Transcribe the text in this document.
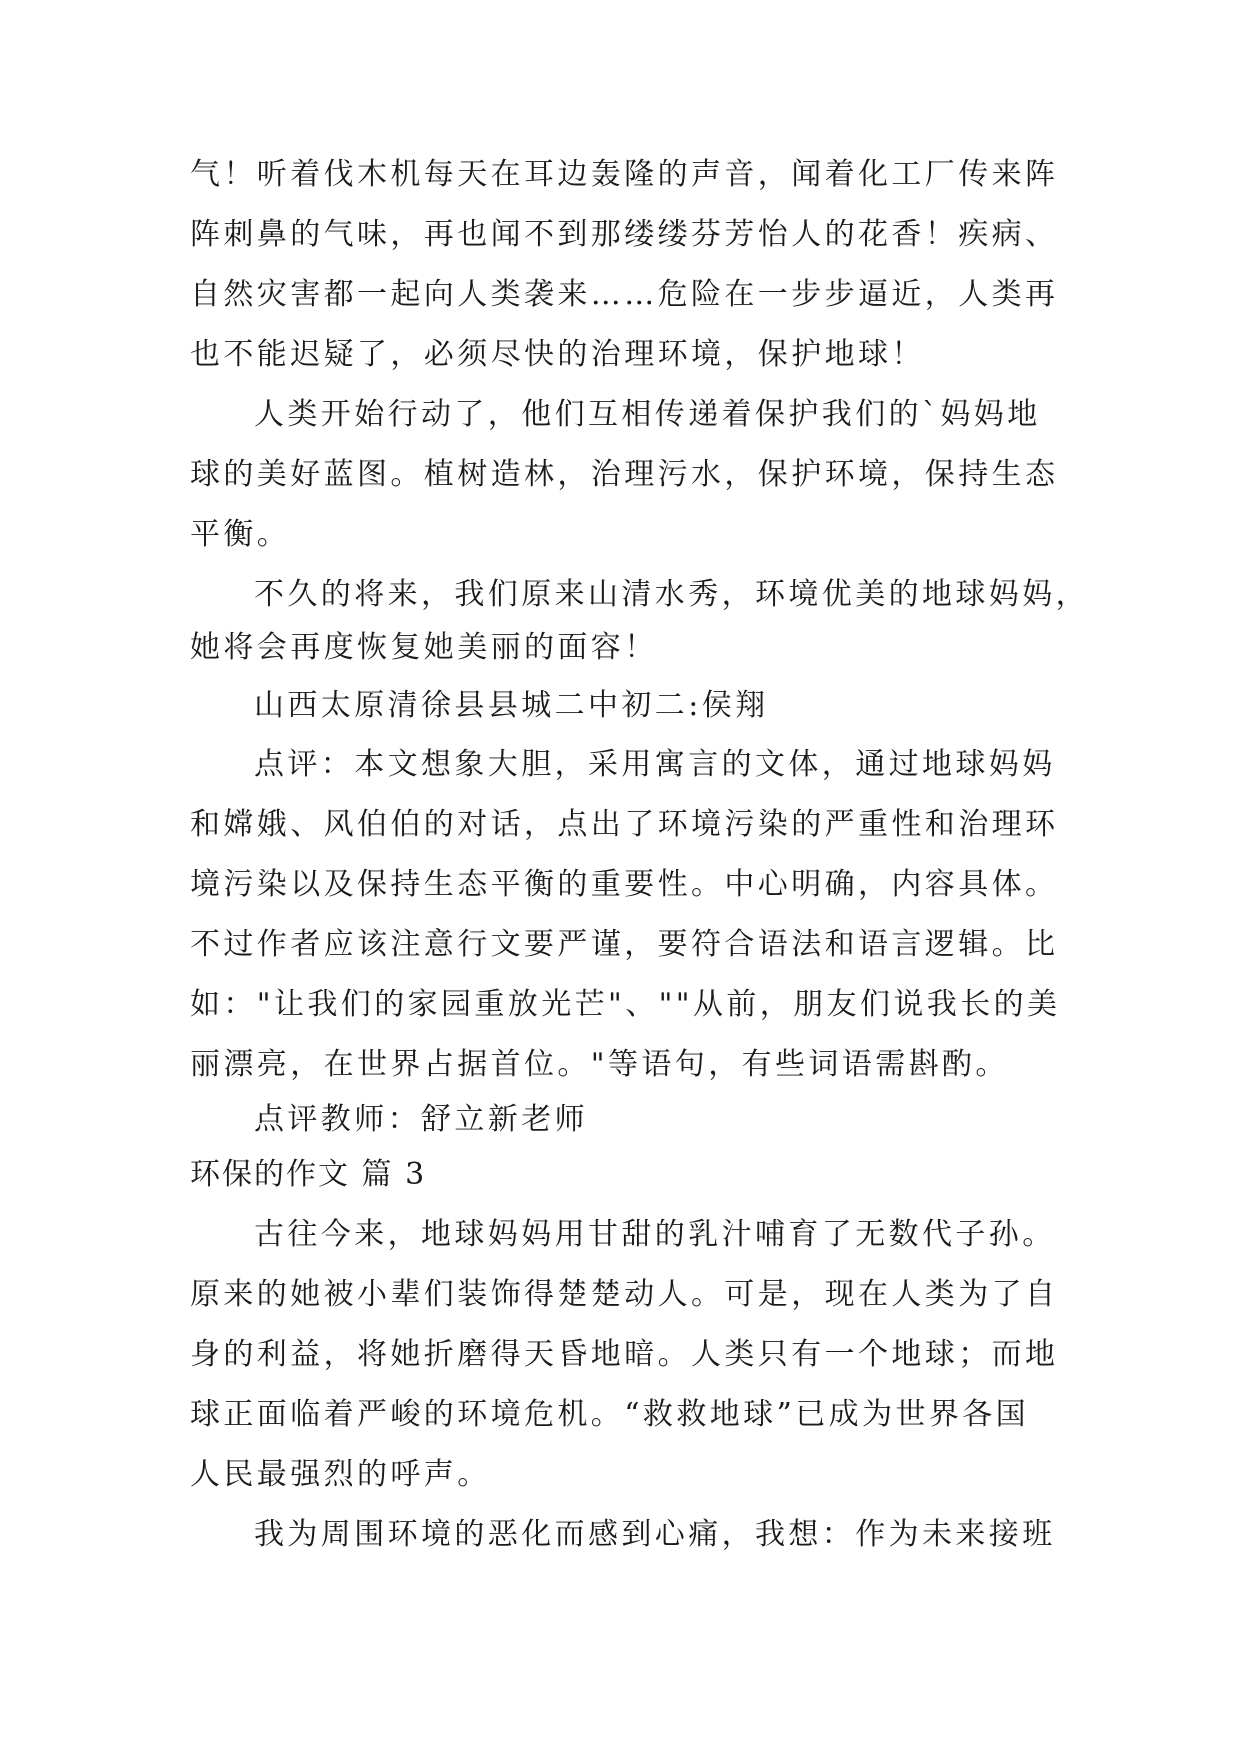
气！听着伐木机每天在耳边轰隆的声音，闻着化工厂传来阵
阵刺鼻的气味，再也闻不到那缕缕芬芳怡人的花香！疾病、
自然灾害都一起向人类袭来……危险在一步步逼近，人类再
也不能迟疑了，必须尽快的治理环境，保护地球！
人类开始行动了，他们互相传递着保护我们的`妈妈地
球的美好蓝图。植树造林，治理污水，保护环境，保持生态
平衡。
不久的将来，我们原来山清水秀，环境优美的地球妈妈，
她将会再度恢复她美丽的面容！
山西太原清徐县县城二中初二:侯翔
点评：本文想象大胆，采用寓言的文体，通过地球妈妈
和嫦娥、风伯伯的对话，点出了环境污染的严重性和治理环
境污染以及保持生态平衡的重要性。中心明确，内容具体。
不过作者应该注意行文要严谨，要符合语法和语言逻辑。比
如："让我们的家园重放光芒"、""从前，朋友们说我长的美
丽漂亮，在世界占据首位。"等语句，有些词语需斟酌。
点评教师：舒立新老师
环保的作文 篇 3
古往今来，地球妈妈用甘甜的乳汁哺育了无数代子孙。
原来的她被小辈们装饰得楚楚动人。可是，现在人类为了自
身的利益，将她折磨得天昏地暗。人类只有一个地球；而地
球正面临着严峻的环境危机。“救救地球”已成为世界各国
人民最强烈的呼声。
我为周围环境的恶化而感到心痛，我想：作为未来接班
